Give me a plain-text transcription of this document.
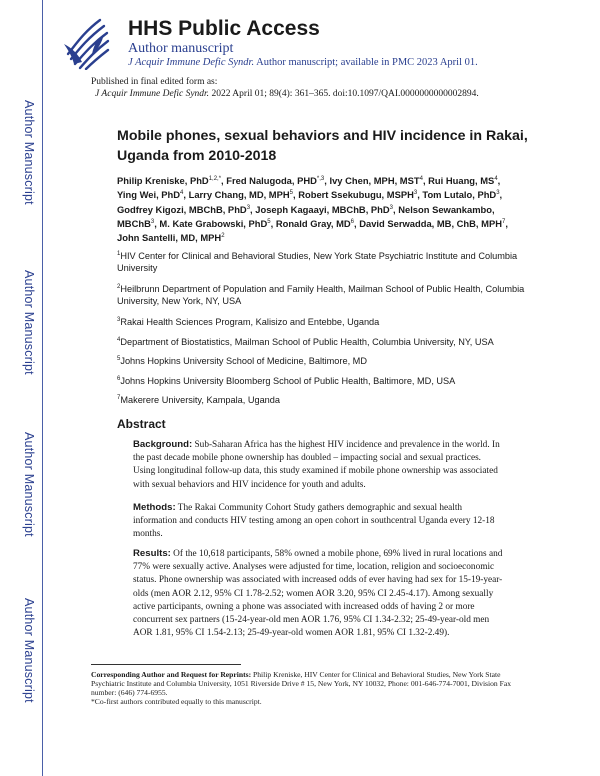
Author Manuscript
Author Manuscript
Author Manuscript
Author Manuscript
HHS Public Access
Author manuscript
J Acquir Immune Defic Syndr. Author manuscript; available in PMC 2023 April 01.
Published in final edited form as:
J Acquir Immune Defic Syndr. 2022 April 01; 89(4): 361–365. doi:10.1097/QAI.0000000000002894.
Mobile phones, sexual behaviors and HIV incidence in Rakai, Uganda from 2010-2018
Philip Kreniske, PhD$^{1,2,*}$, Fred Nalugoda, $PHD^{*,3}$, Ivy Chen, MPH, MST$^4$, Rui Huang, $MS^4$, Ying Wei, PhD$^4$, Larry Chang, MD, MPH$^5$, Robert Ssekubugu, MSPH$^3$, Tom Lutalo, PhD$^3$, Godfrey Kigozi, MBChB, PhD$^3$, Joseph Kagaayi, MBChB, PhD$^3$, Nelson Sewankambo, MBChB$^3$, M. Kate Grabowski, PhD$^5$, Ronald Gray, $MD^6$, David Serwadda, MB, ChB, MPH$^7$, John Santelli, MD, MPH$^2$
$^1$HIV Center for Clinical and Behavioral Studies, New York State Psychiatric Institute and Columbia University
$^2$Heilbrunn Department of Population and Family Health, Mailman School of Public Health, Columbia University, New York, NY, USA
$^3$Rakai Health Sciences Program, Kalisizo and Entebbe, Uganda
$^4$Department of Biostatistics, Mailman School of Public Health, Columbia University, NY, USA
$^5$Johns Hopkins University School of Medicine, Baltimore, MD
$^6$Johns Hopkins University Bloomberg School of Public Health, Baltimore, MD, USA
$^7$Makerere University, Kampala, Uganda
Abstract
Background: Sub-Saharan Africa has the highest HIV incidence and prevalence in the world. In the past decade mobile phone ownership has doubled – impacting social and sexual practices. Using longitudinal follow-up data, this study examined if mobile phone ownership was associated with sexual behaviors and HIV incidence for youth and adults.
Methods: The Rakai Community Cohort Study gathers demographic and sexual health information and conducts HIV testing among an open cohort in southcentral Uganda every 12-18 months.
Results: Of the 10,618 participants, 58% owned a mobile phone, 69% lived in rural locations and 77% were sexually active. Analyses were adjusted for time, location, religion and socioeconomic status. Phone ownership was associated with increased odds of ever having had sex for 15-19-year-olds (men AOR 2.12, 95% CI 1.78-2.52; women AOR 3.20, 95% CI 2.45-4.17). Among sexually active participants, owning a phone was associated with increased odds of having 2 or more concurrent sex partners (15-24-year-old men AOR 1.76, 95% CI 1.34-2.32; 25-49-year-old men AOR 1.81, 95% CI 1.54-2.13; 25-49-year-old women AOR 1.81, 95% CI 1.32-2.49).
Corresponding Author and Request for Reprints: Philip Kreniske, HIV Center for Clinical and Behavioral Studies, New York State Psychiatric Institute and Columbia University, 1051 Riverside Drive # 15, New York, NY 10032, Phone: 001-646-774-7001, Division Fax number: (646) 774-6955.
*Co-first authors contributed equally to this manuscript.
